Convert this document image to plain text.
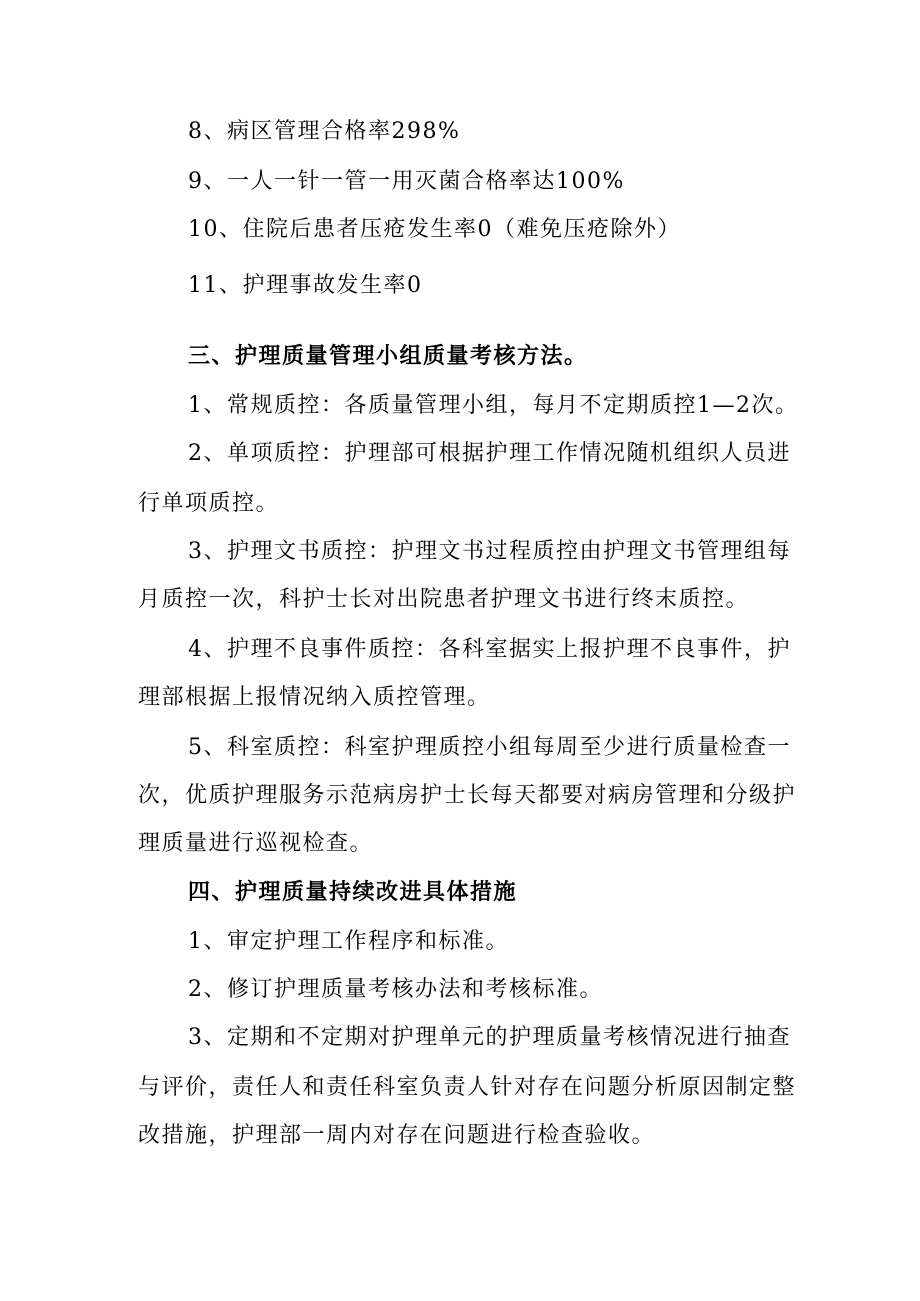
8、病区管理合格率298%
9、一人一针一管一用灭菌合格率达100%
10、住院后患者压疮发生率0（难免压疮除外）
11、护理事故发生率0
三、护理质量管理小组质量考核方法。
1、常规质控：各质量管理小组，每月不定期质控1—2次。
2、单项质控：护理部可根据护理工作情况随机组织人员进
行单项质控。
3、护理文书质控：护理文书过程质控由护理文书管理组每
月质控一次，科护士长对出院患者护理文书进行终末质控。
4、护理不良事件质控：各科室据实上报护理不良事件，护
理部根据上报情况纳入质控管理。
5、科室质控：科室护理质控小组每周至少进行质量检查一
次，优质护理服务示范病房护士长每天都要对病房管理和分级护
理质量进行巡视检查。
四、护理质量持续改进具体措施
1、审定护理工作程序和标准。
2、修订护理质量考核办法和考核标准。
3、定期和不定期对护理单元的护理质量考核情况进行抽查
与评价，责任人和责任科室负责人针对存在问题分析原因制定整
改措施，护理部一周内对存在问题进行检查验收。
